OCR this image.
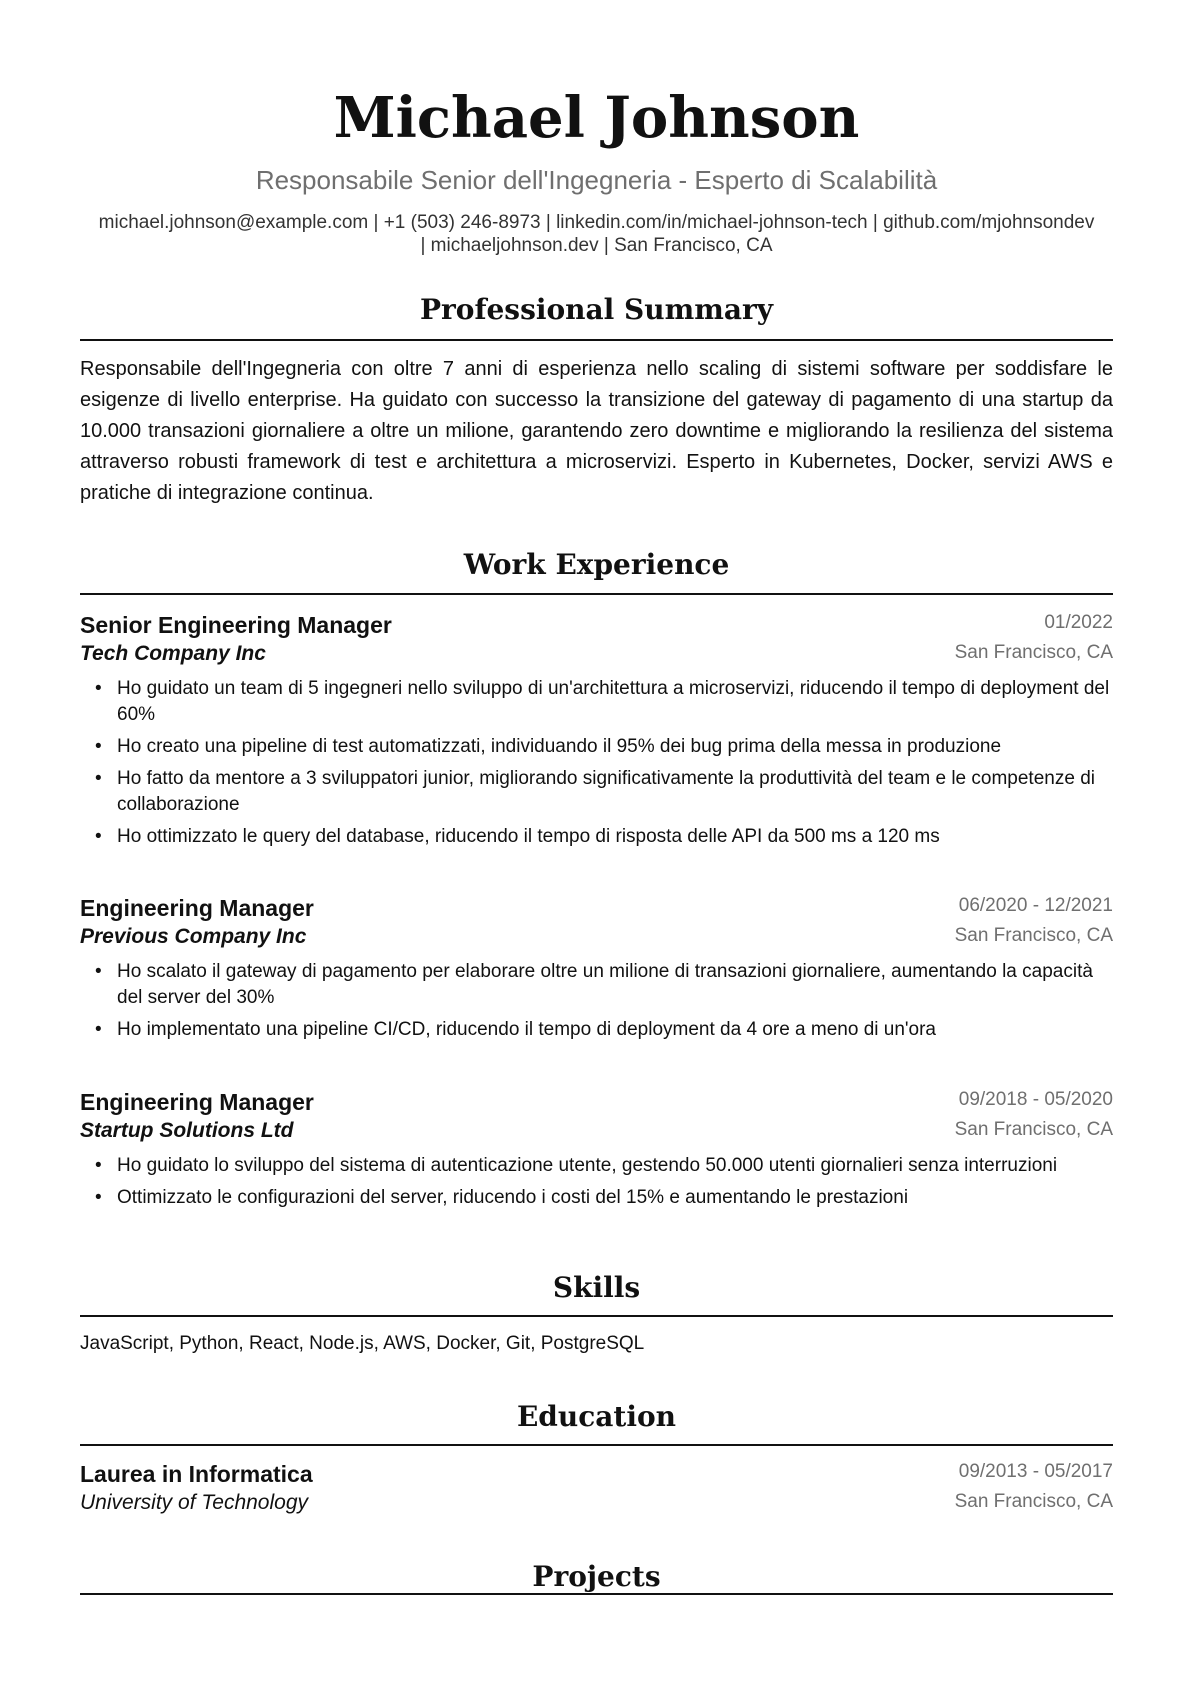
Michael Johnson
Responsabile Senior dell'Ingegneria - Esperto di Scalabilità
michael.johnson@example.com | +1 (503) 246-8973 | linkedin.com/in/michael-johnson-tech | github.com/mjohnsondev
| michaeljohnson.dev | San Francisco, CA
Professional Summary

Responsabile dell'Ingegneria con oltre 7 anni di esperienza nello scaling di sistemi software per soddisfare le esigenze di livello enterprise. Ha guidato con successo la transizione del gateway di pagamento di una startup da 10.000 transazioni giornaliere a oltre un milione, garantendo zero downtime e migliorando la resilienza del sistema attraverso robusti framework di test e architettura a microservizi. Esperto in Kubernetes, Docker, servizi AWS e pratiche di integrazione continua.

Work Experience
Senior Engineering Manager	01/2022
Tech Company Inc	San Francisco, CA
• Ho guidato un team di 5 ingegneri nello sviluppo di un'architettura a microservizi, riducendo il tempo di deployment del 60%
• Ho creato una pipeline di test automatizzati, individuando il 95% dei bug prima della messa in produzione
• Ho fatto da mentore a 3 sviluppatori junior, migliorando significativamente la produttività del team e le competenze di collaborazione
• Ho ottimizzato le query del database, riducendo il tempo di risposta delle API da 500 ms a 120 ms
Engineering Manager	06/2020 - 12/2021
Previous Company Inc	San Francisco, CA
• Ho scalato il gateway di pagamento per elaborare oltre un milione di transazioni giornaliere, aumentando la capacità del server del 30%
• Ho implementato una pipeline CI/CD, riducendo il tempo di deployment da 4 ore a meno di un'ora
Engineering Manager	09/2018 - 05/2020
Startup Solutions Ltd	San Francisco, CA
• Ho guidato lo sviluppo del sistema di autenticazione utente, gestendo 50.000 utenti giornalieri senza interruzioni
• Ottimizzato le configurazioni del server, riducendo i costi del 15% e aumentando le prestazioni
Skills
JavaScript, Python, React, Node.js, AWS, Docker, Git, PostgreSQL
Education
Laurea in Informatica	09/2013 - 05/2017
University of Technology	San Francisco, CA
Projects
